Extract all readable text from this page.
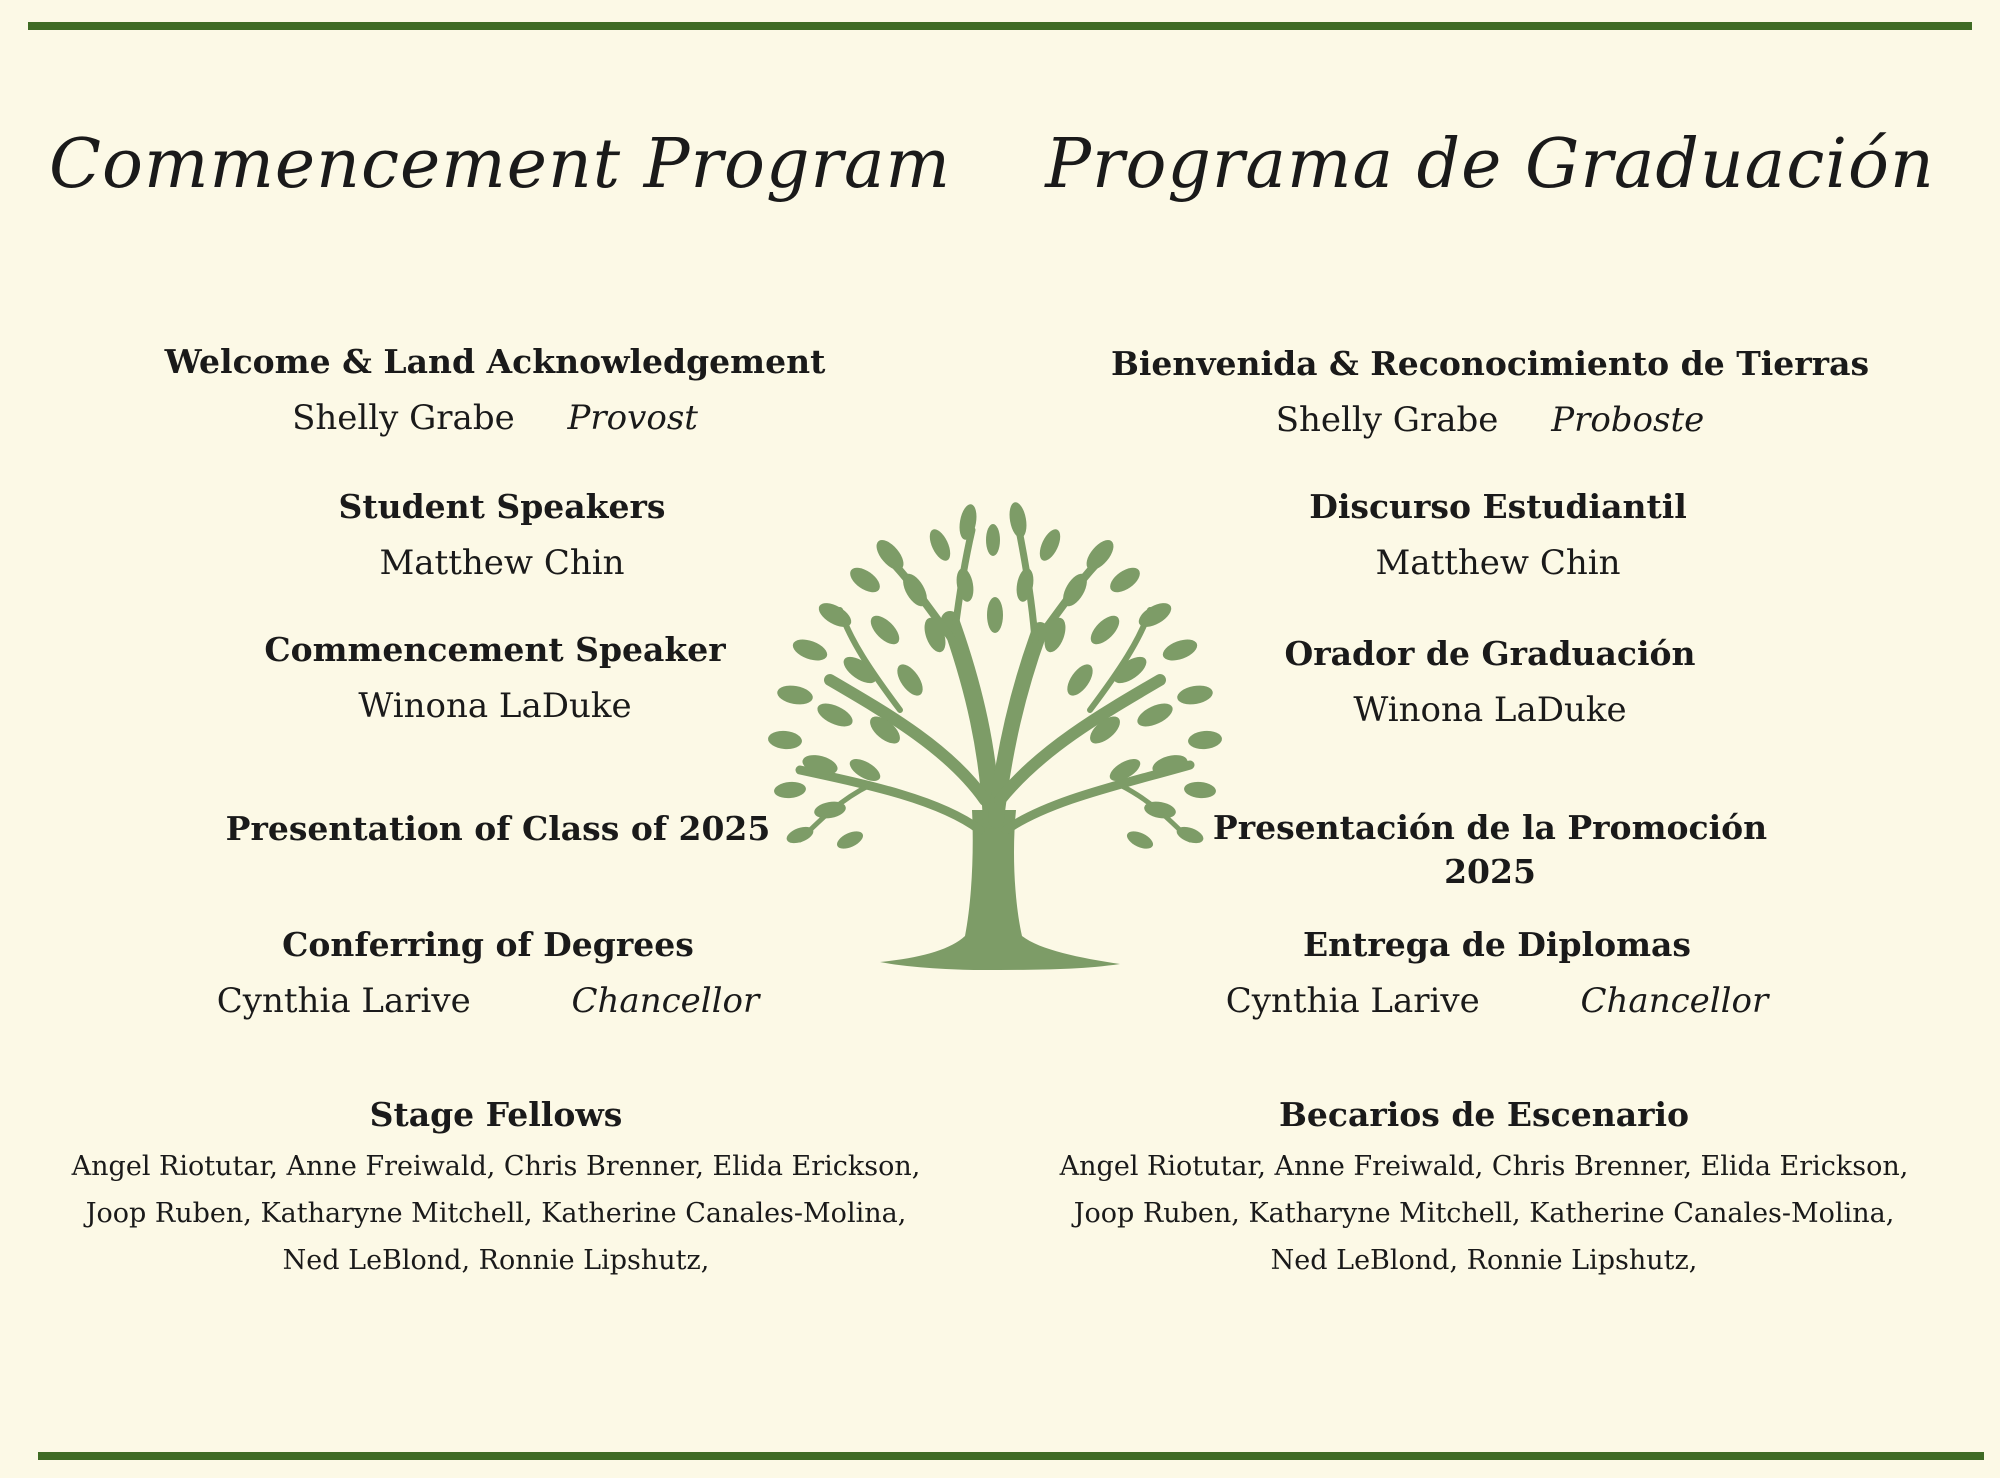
Commencement Program
Welcome & Land Acknowledgement
Shelly Grabe Provost
Student Speakers
Matthew Chin
Commencement Speaker
Winona LaDuke
Presentation of Class of 2025
Conferring of Degrees
Cynthia Larive	Chancellor
Stage Fellows
Angel Riotutar, Anne Freiwald, Chris Brenner, Elida Erickson,
Joop Ruben, Katharyne Mitchell, Katherine Canales-Molina,
Ned LeBlond, Ronnie Lipshutz,
Programa de Graduación
Bienvenida & Reconocimiento de Tierras
Shelly Grabe Proboste
Discurso Estudiantil
Matthew Chin
Orador de Graduación
Winona LaDuke
Presentación de la Promoción
2025
Entrega de Diplomas
Cynthia Larive	Chancellor
Becarios de Escenario
Angel Riotutar, Anne Freiwald, Chris Brenner, Elida Erickson,
Joop Ruben, Katharyne Mitchell, Katherine Canales-Molina,
Ned LeBlond, Ronnie Lipshutz,
